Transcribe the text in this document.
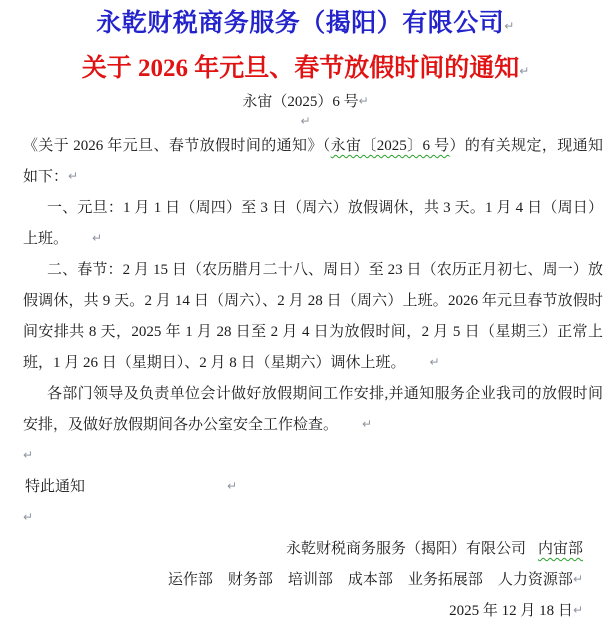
永乾财税商务服务（揭阳）有限公司↵
关于 2026 年元旦、春节放假时间的通知↵
永宙（2025）6 号↵
↵

《关于 2026 年元旦、春节放假时间的通知》（永宙〔2025〕6 号）的有关规定，现通知如下：↵

一、元旦：1 月 1 日（周四）至 3 日（周六）放假调休，共 3 天。1 月 4 日（周日）上班。 ↵

二、春节：2 月 15 日（农历腊月二十八、周日）至 23 日（农历正月初七、周一）放假调休，共 9 天。2 月 14 日（周六）、2 月 28 日（周六）上班。2026 年元旦春节放假时间安排共 8 天，2025 年 1 月 28 日至 2 月 4 日为放假时间，2 月 5 日（星期三）正常上班，1 月 26 日（星期日）、2 月 8 日（星期六）调休上班。 ↵

各部门领导及负责单位会计做好放假期间工作安排,并通知服务企业我司的放假时间安排，及做好放假期间各办公室安全工作检查。 ↵

↵
特此通知	↵
↵
永乾财税商务服务（揭阳）有限公司 内宙部
运作部　财务部　培训部　成本部　业务拓展部　人力资源部↵
2025 年 12 月 18 日↵
